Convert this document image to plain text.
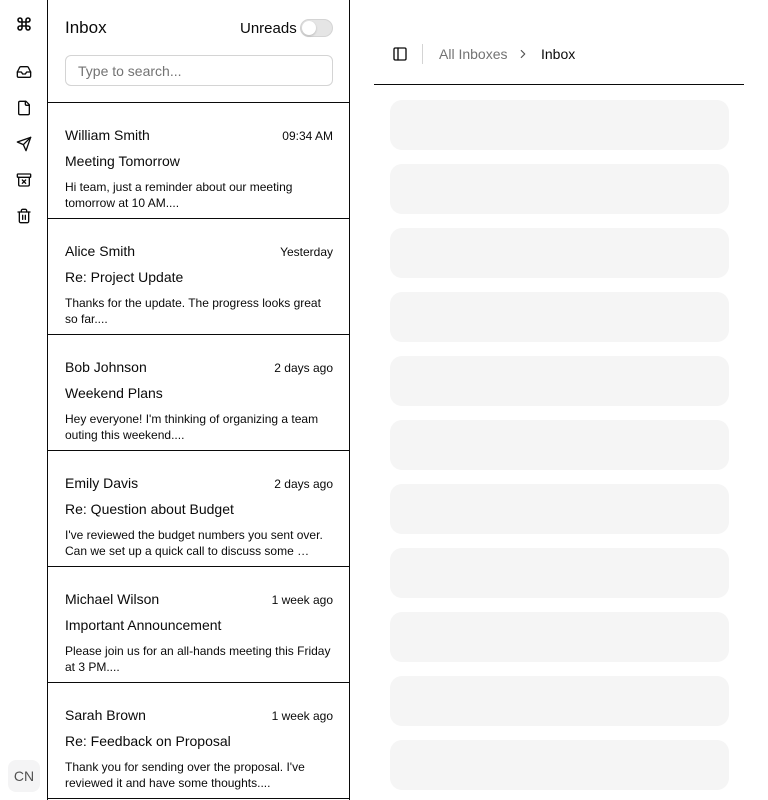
CN
Inbox	Unreads
Type to search...
William Smith	09:34 AM
Meeting Tomorrow

Hi team, just a reminder about our meeting tomorrow at 10 AM....

Alice Smith	Yesterday
Re: Project Update

Thanks for the update. The progress looks great so far....

Bob Johnson	2 days ago
Weekend Plans

Hey everyone! I'm thinking of organizing a team outing this weekend....

Emily Davis	2 days ago
Re: Question about Budget

I've reviewed the budget numbers you sent over. Can we set up a quick call to discuss some …

Michael Wilson	1 week ago
Important Announcement

Please join us for an all-hands meeting this Friday at 3 PM....

Sarah Brown	1 week ago
Re: Feedback on Proposal

Thank you for sending over the proposal. I've reviewed it and have some thoughts....

All Inboxes Inbox
